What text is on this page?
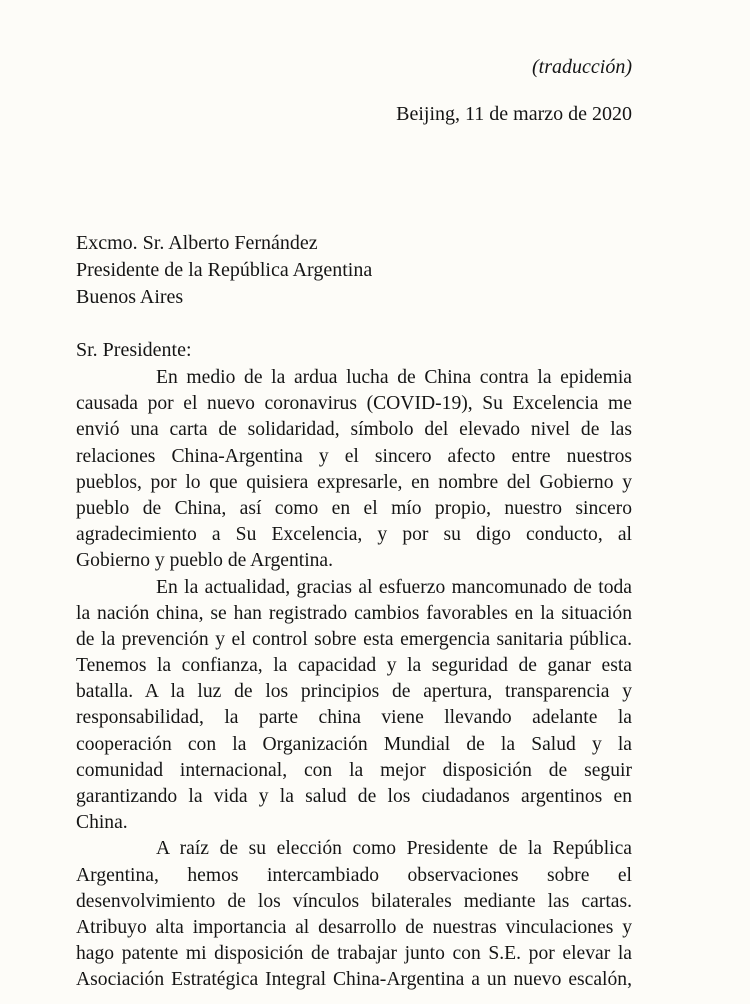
(traducción)
Beijing, 11 de marzo de 2020
Excmo. Sr. Alberto Fernández
Presidente de la República Argentina
Buenos Aires
Sr. Presidente:
En medio de la ardua lucha de China contra la epidemia
causada por el nuevo coronavirus (COVID-19), Su Excelencia me
envió una carta de solidaridad, símbolo del elevado nivel de las
relaciones China-Argentina y el sincero afecto entre nuestros
pueblos, por lo que quisiera expresarle, en nombre del Gobierno y
pueblo de China, así como en el mío propio, nuestro sincero
agradecimiento a Su Excelencia, y por su digo conducto, al
Gobierno y pueblo de Argentina.
En la actualidad, gracias al esfuerzo mancomunado de toda
la nación china, se han registrado cambios favorables en la situación
de la prevención y el control sobre esta emergencia sanitaria pública.
Tenemos la confianza, la capacidad y la seguridad de ganar esta
batalla. A la luz de los principios de apertura, transparencia y
responsabilidad, la parte china viene llevando adelante la
cooperación con la Organización Mundial de la Salud y la
comunidad internacional, con la mejor disposición de seguir
garantizando la vida y la salud de los ciudadanos argentinos en
China.
A raíz de su elección como Presidente de la República
Argentina, hemos intercambiado observaciones sobre el
desenvolvimiento de los vínculos bilaterales mediante las cartas.
Atribuyo alta importancia al desarrollo de nuestras vinculaciones y
hago patente mi disposición de trabajar junto con S.E. por elevar la
Asociación Estratégica Integral China-Argentina a un nuevo escalón,
